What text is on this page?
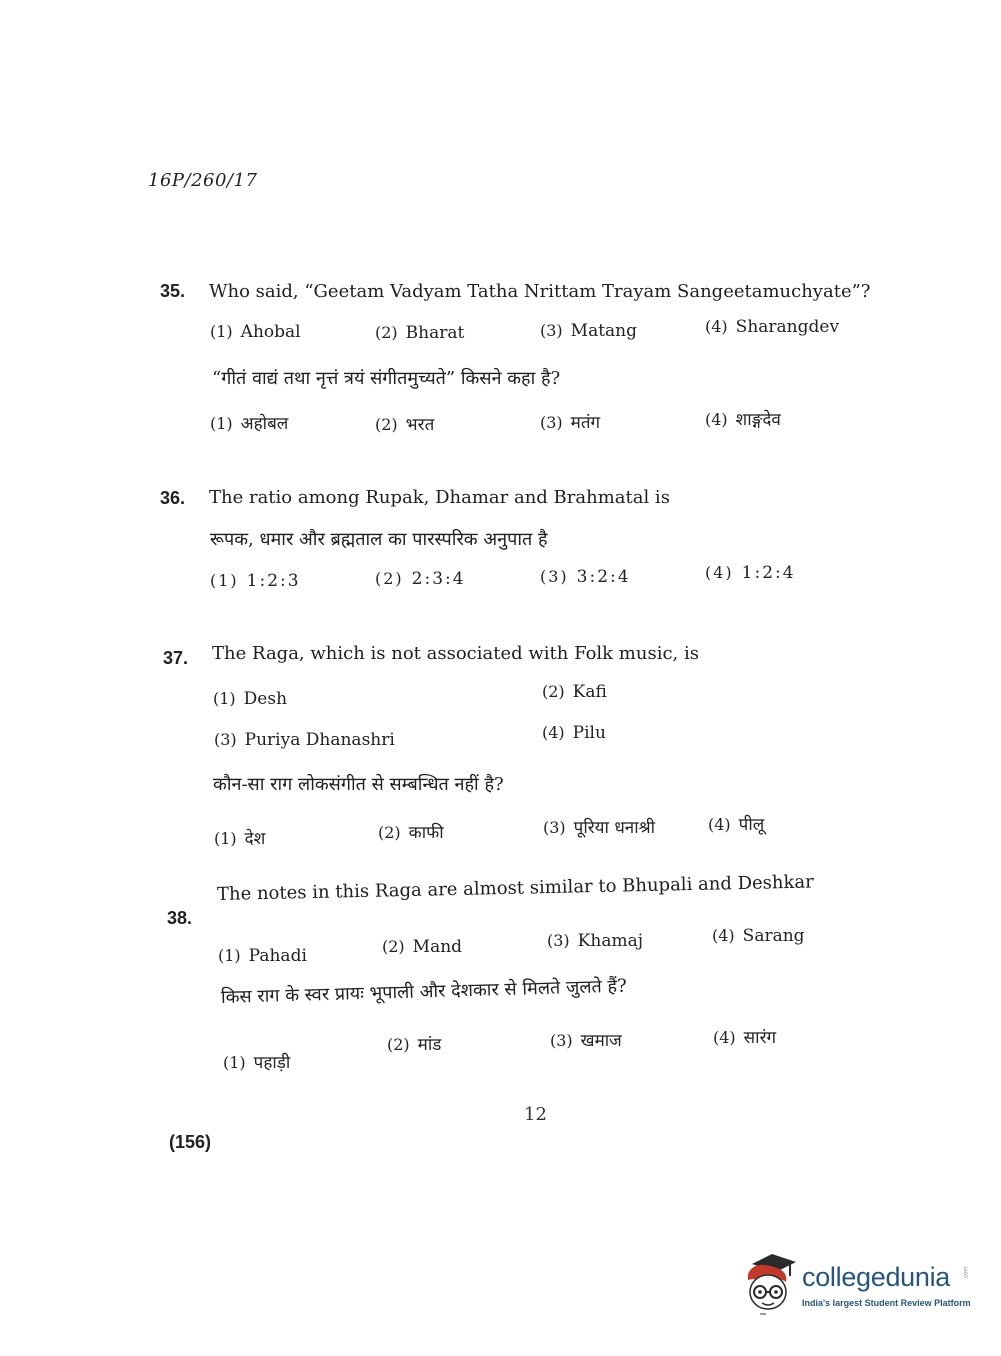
16P/260/17
35. Who said, “Geetam Vadyam Tatha Nrittam Trayam Sangeetamuchyate”?
(1) Ahobal	(2) Bharat	(3) Matang	(4) Sharangdev
“गीतं वाद्यं तथा नृत्तं त्रयं संगीतमुच्यते” किसने कहा है?
(1) अहोबल	(2) भरत	(3) मतंग	(4) शाङ्गदेव
36. The ratio among Rupak, Dhamar and Brahmatal is
रूपक, धमार और ब्रह्मताल का पारस्परिक अनुपात है
(1) 1:2:3	(2) 2:3:4	(3) 3:2:4	(4) 1:2:4
37. The Raga, which is not associated with Folk music, is
(1) Desh	(2) Kafi
(3) Puriya Dhanashri	(4) Pilu
कौन-सा राग लोकसंगीत से सम्बन्धित नहीं है?
(1) देश	(2) काफी	(3) पूरिया धनाश्री	(4) पीलू
38.
The notes in this Raga are almost similar to Bhupali and Deshkar
(1) Pahadi	(2) Mand	(3) Khamaj	(4) Sarang
किस राग के स्वर प्रायः भूपाली और देशकार से मिलते जुलते हैं?
(1) पहाड़ी
(2) मांड	(3) खमाज	(4) सारंग
12
(156)
collegedunia .com
India's largest Student Review Platform
